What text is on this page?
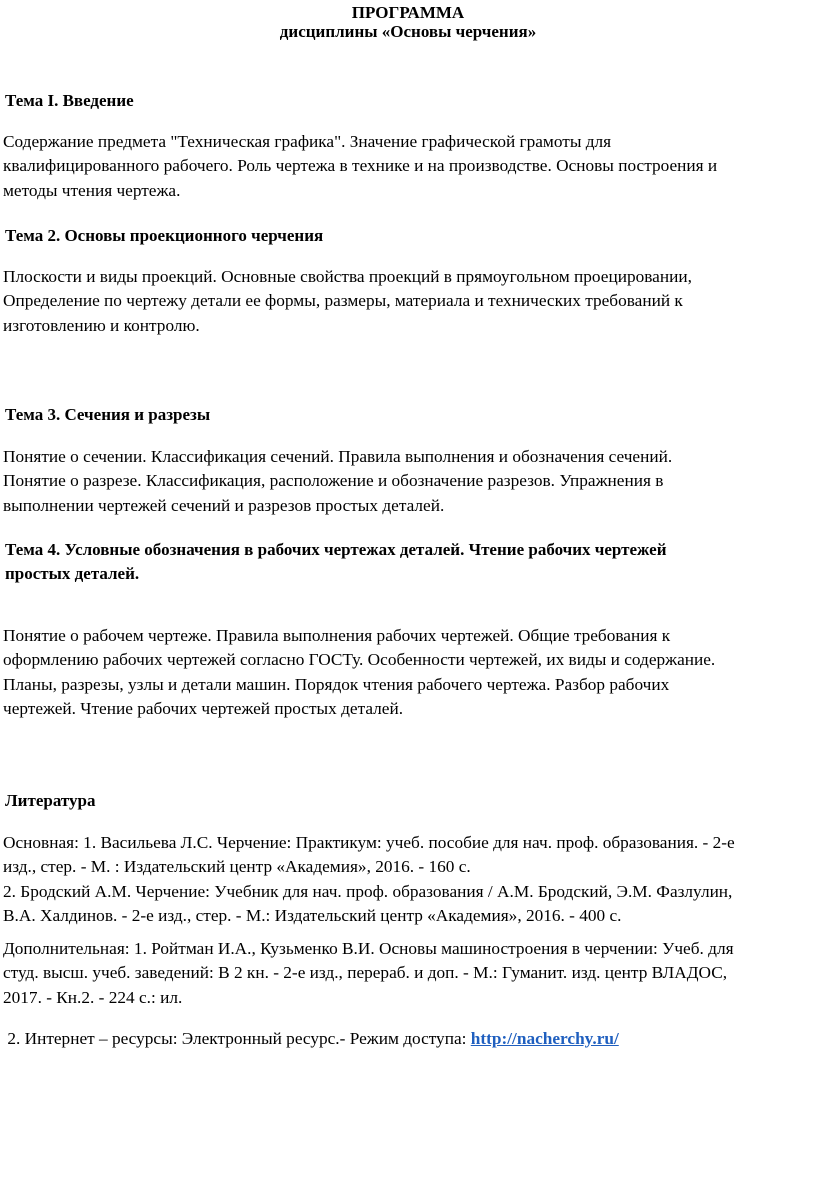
ПРОГРАММА
дисциплины «Основы черчения»
Тема I. Введение
Содержание предмета "Техническая графика". Значение графической грамоты для
квалифицированного рабочего. Роль чертежа в технике и на производстве. Основы построения и
методы чтения чертежа.
Тема 2. Основы проекционного черчения
Плоскости и виды проекций. Основные свойства проекций в прямоугольном проецировании,
Определение по чертежу детали ее формы, размеры, материала и технических требований к
изготовлению и контролю.
Тема 3. Сечения и разрезы
Понятие о сечении. Классификация сечений. Правила выполнения и обозначения сечений.
Понятие о разрезе. Классификация, расположение и обозначение разрезов. Упражнения в
выполнении чертежей сечений и разрезов простых деталей.
Тема 4. Условные обозначения в рабочих чертежах деталей. Чтение рабочих чертежей
простых деталей.
Понятие о рабочем чертеже. Правила выполнения рабочих чертежей. Общие требования к
оформлению рабочих чертежей согласно ГОСТу. Особенности чертежей, их виды и содержание.
Планы, разрезы, узлы и детали машин. Порядок чтения рабочего чертежа. Разбор рабочих
чертежей. Чтение рабочих чертежей простых деталей.
Литература
Основная: 1. Васильева Л.С. Черчение: Практикум: учеб. пособие для нач. проф. образования. - 2-е
изд., стер. - М. : Издательский центр «Академия», 2016. - 160 с.
2. Бродский А.М. Черчение: Учебник для нач. проф. образования / А.М. Бродский, Э.М. Фазлулин,
В.А. Халдинов. - 2-е изд., стер. - М.: Издательский центр «Академия», 2016. - 400 с.
Дополнительная: 1. Ройтман И.А., Кузьменко В.И. Основы машиностроения в черчении: Учеб. для
студ. высш. учеб. заведений: В 2 кн. - 2-е изд., перераб. и доп. - М.: Гуманит. изд. центр ВЛАДОС,
2017. - Кн.2. - 224 с.: ил.
2. Интернет – ресурсы: Электронный ресурс.- Режим доступа: http://nacherchy.ru/
